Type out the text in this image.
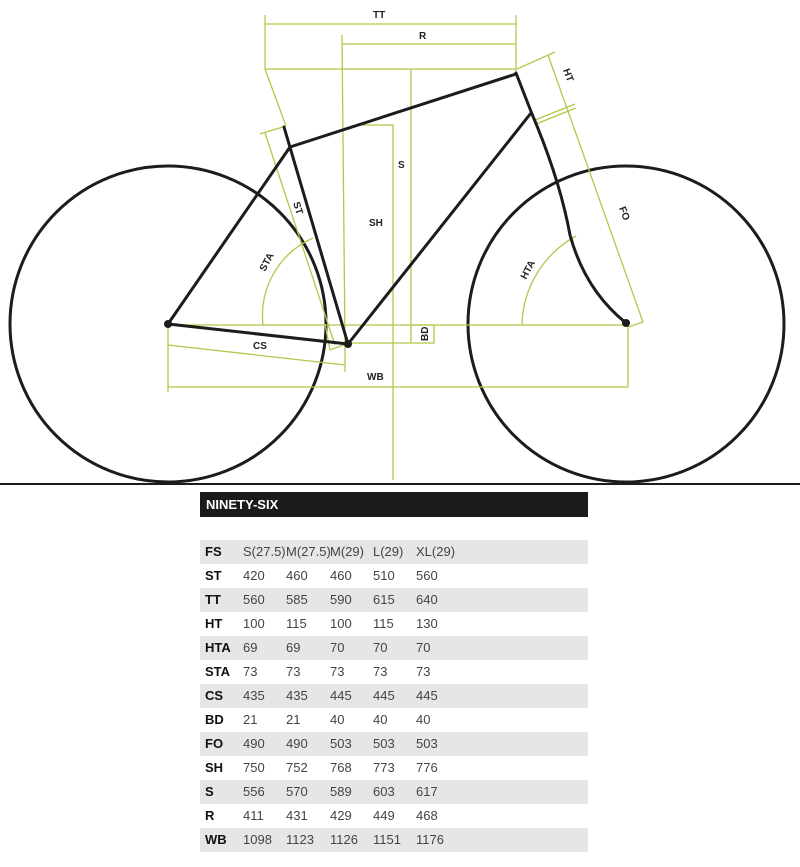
TT
R
HT
S
ST
SH
STA	HTA
FO
BD
CS
WB
NINETY-SIX
FS S(27.5) M(27.5) M(29) L(29) XL(29)
ST 420 460 460 510 560
TT 560 585 590 615 640
HT 100 115 100 115 130
HTA 69 69 70 70 70
STA 73 73 73 73 73
CS 435 435 445 445 445
BD 21 21 40 40 40
FO 490 490 503 503 503
SH 750 752 768 773 776
S 556 570 589 603 617
R 411 431 429 449 468
WB 1098 1123 1126 1151 1176
